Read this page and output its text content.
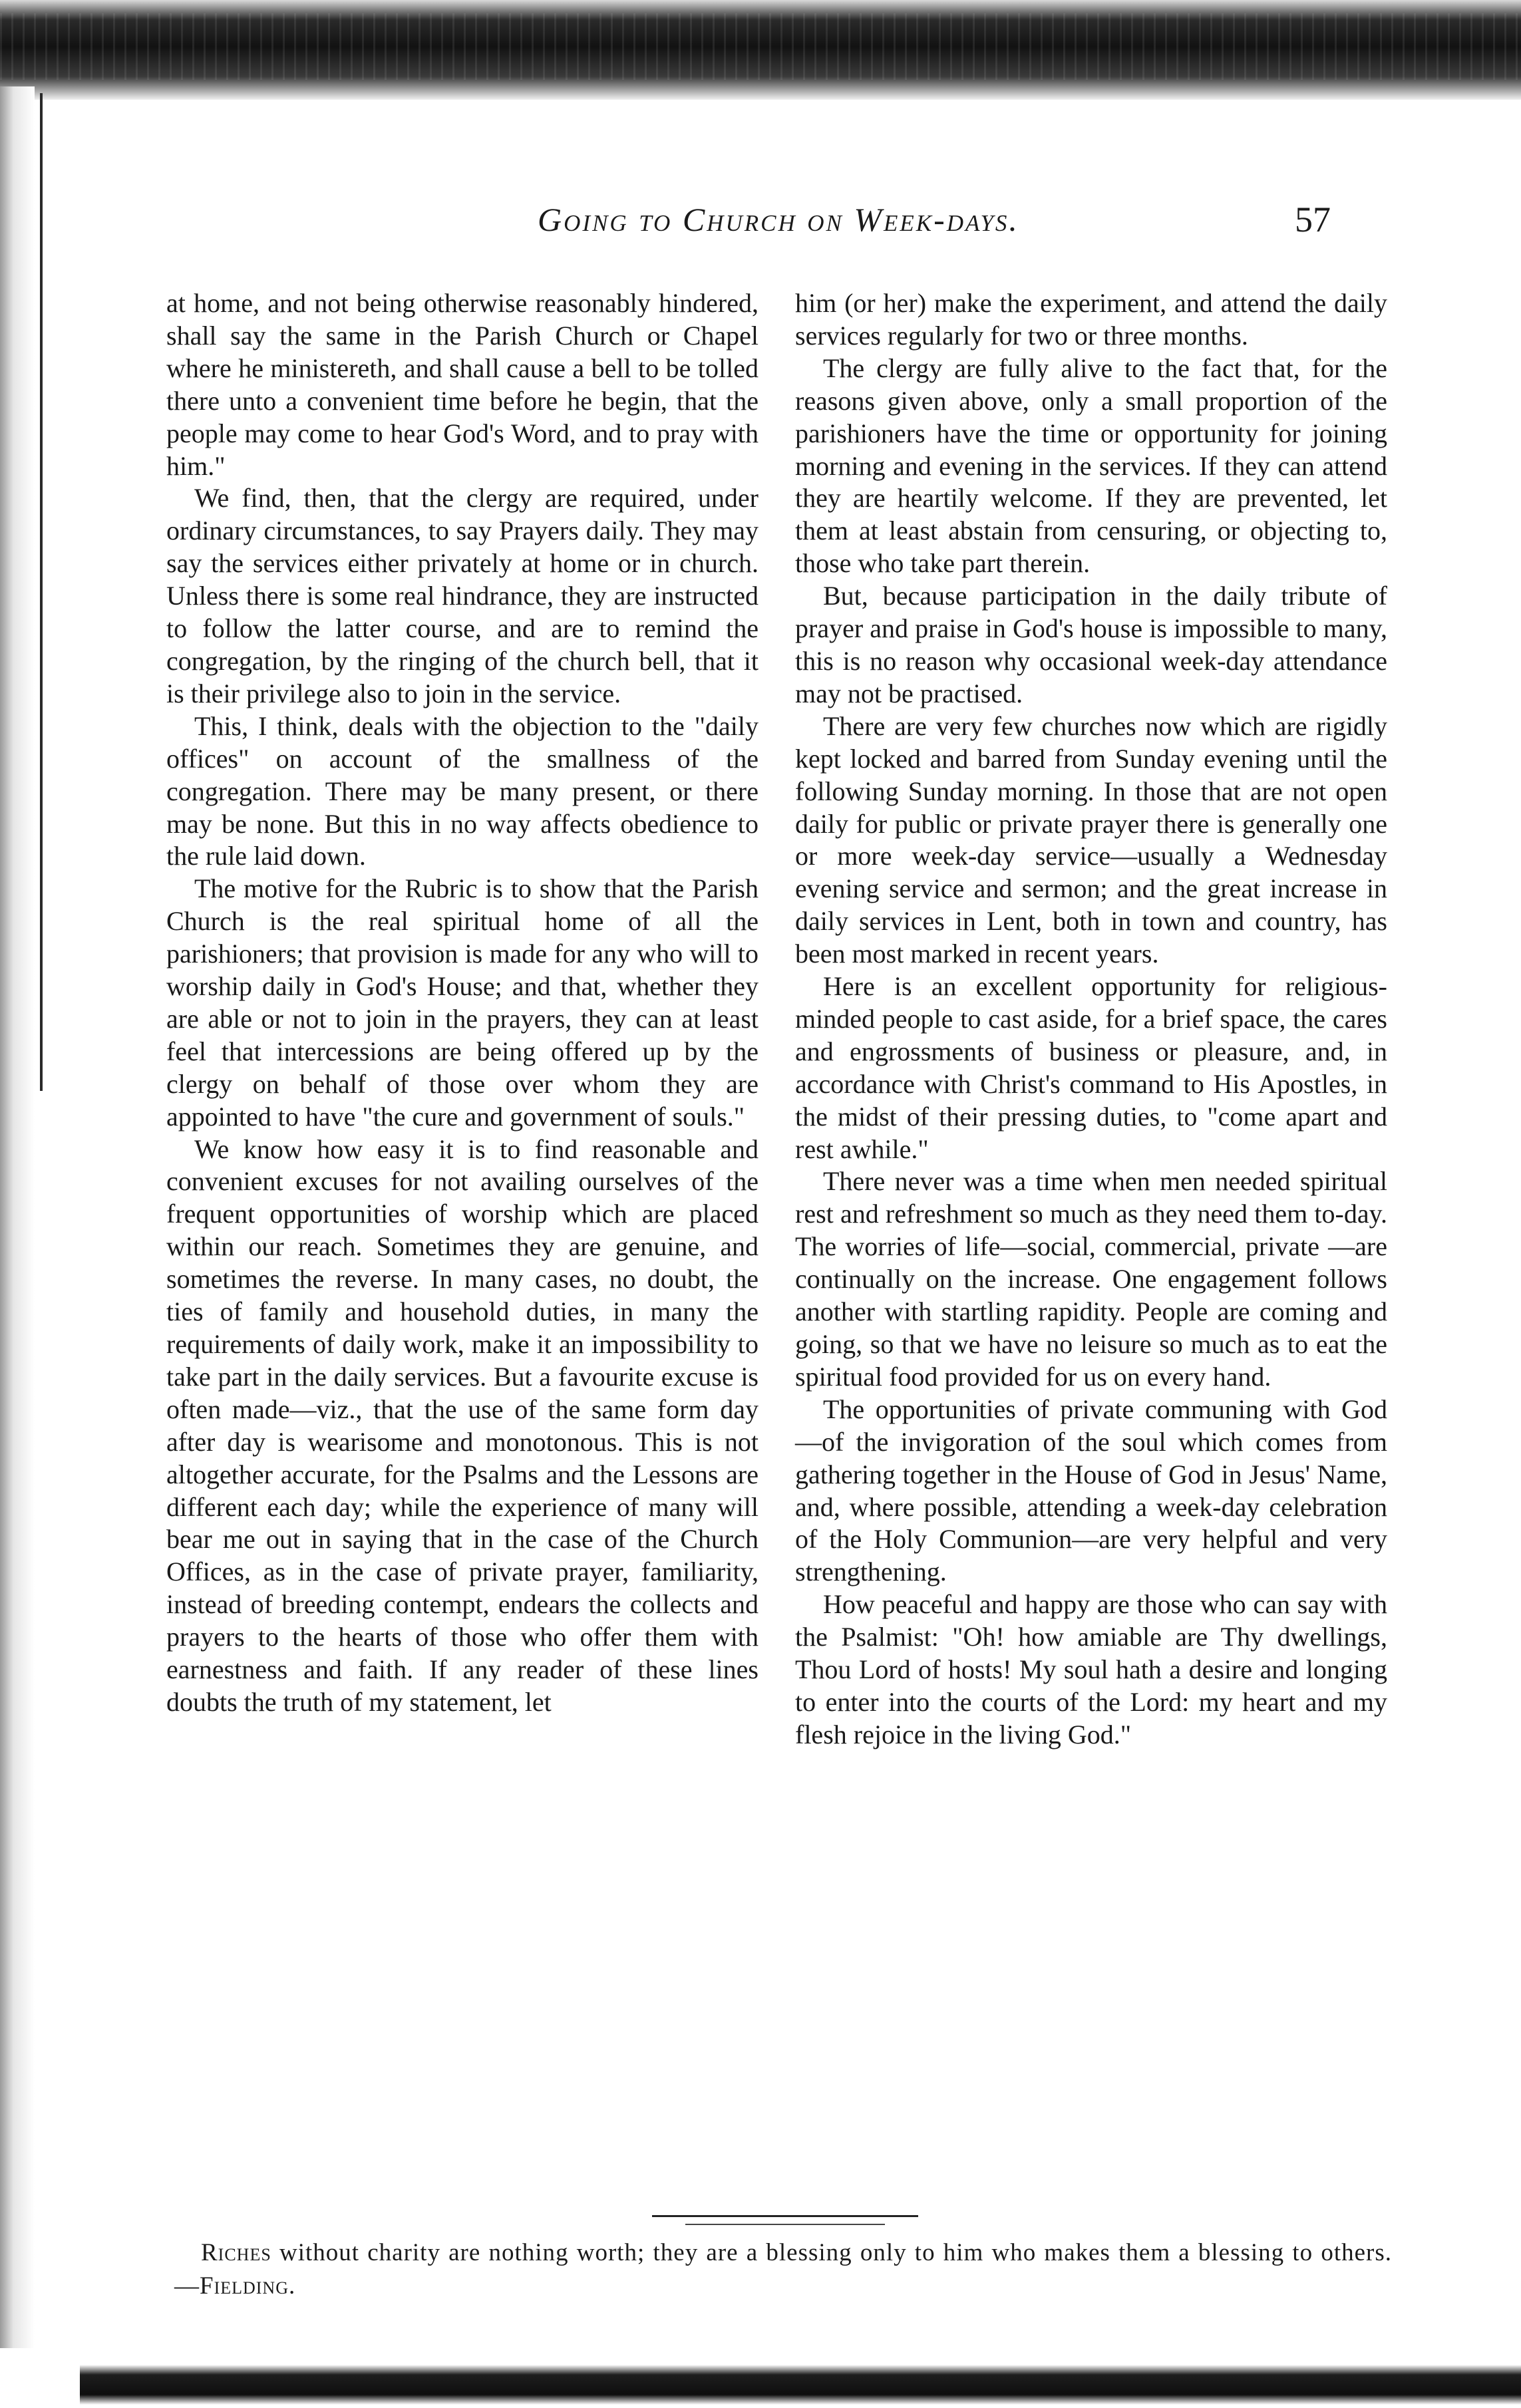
Going to Church on Week-days.	57

at home, and not being otherwise reasonably hindered, shall say the same in the Parish Church or Chapel where he ministereth, and shall cause a bell to be tolled there unto a convenient time before he begin, that the people may come to hear God's Word, and to pray with him."

We find, then, that the clergy are required, under ordinary circumstances, to say Prayers daily. They may say the services either privately at home or in church. Unless there is some real hindrance, they are instructed to follow the latter course, and are to remind the congregation, by the ringing of the church bell, that it is their privilege also to join in the service.

This, I think, deals with the objection to the "daily offices" on account of the smallness of the congregation. There may be many present, or there may be none. But this in no way affects obedience to the rule laid down.

The motive for the Rubric is to show that the Parish Church is the real spiritual home of all the parishioners; that provision is made for any who will to worship daily in God's House; and that, whether they are able or not to join in the prayers, they can at least feel that intercessions are being offered up by the clergy on behalf of those over whom they are appointed to have "the cure and government of souls."

We know how easy it is to find reasonable and convenient excuses for not availing ourselves of the frequent opportunities of worship which are placed within our reach. Sometimes they are genuine, and sometimes the reverse. In many cases, no doubt, the ties of family and household duties, in many the requirements of daily work, make it an impossibility to take part in the daily services. But a favourite excuse is often made—viz., that the use of the same form day after day is wearisome and monotonous. This is not altogether accurate, for the Psalms and the Lessons are different each day; while the experience of many will bear me out in saying that in the case of the Church Offices, as in the case of private prayer, familiarity, instead of breeding contempt, endears the collects and prayers to the hearts of those who offer them with earnestness and faith. If any reader of these lines doubts the truth of my statement, let

him (or her) make the experiment, and attend the daily services regularly for two or three months.

The clergy are fully alive to the fact that, for the reasons given above, only a small proportion of the parishioners have the time or opportunity for joining morning and evening in the services. If they can attend they are heartily welcome. If they are prevented, let them at least abstain from censuring, or objecting to, those who take part therein.

But, because participation in the daily tribute of prayer and praise in God's house is impossible to many, this is no reason why occasional week-day attendance may not be practised.

There are very few churches now which are rigidly kept locked and barred from Sunday evening until the following Sunday morning. In those that are not open daily for public or private prayer there is generally one or more week-day service—usually a Wednesday evening service and sermon; and the great increase in daily services in Lent, both in town and country, has been most marked in recent years.

Here is an excellent opportunity for religious-minded people to cast aside, for a brief space, the cares and engrossments of business or pleasure, and, in accordance with Christ's command to His Apostles, in the midst of their pressing duties, to "come apart and rest awhile."

There never was a time when men needed spiritual rest and refreshment so much as they need them to-day. The worries of life—social, commercial, private —are continually on the increase. One engagement follows another with startling rapidity. People are coming and going, so that we have no leisure so much as to eat the spiritual food provided for us on every hand.

The opportunities of private communing with God—of the invigoration of the soul which comes from gathering together in the House of God in Jesus' Name, and, where possible, attending a week-day celebration of the Holy Communion—are very helpful and very strengthening.

How peaceful and happy are those who can say with the Psalmist: "Oh! how amiable are Thy dwellings, Thou Lord of hosts! My soul hath a desire and longing to enter into the courts of the Lord: my heart and my flesh rejoice in the living God."

Riches without charity are nothing worth; they are a blessing only to him who makes them a blessing to others.—Fielding.
